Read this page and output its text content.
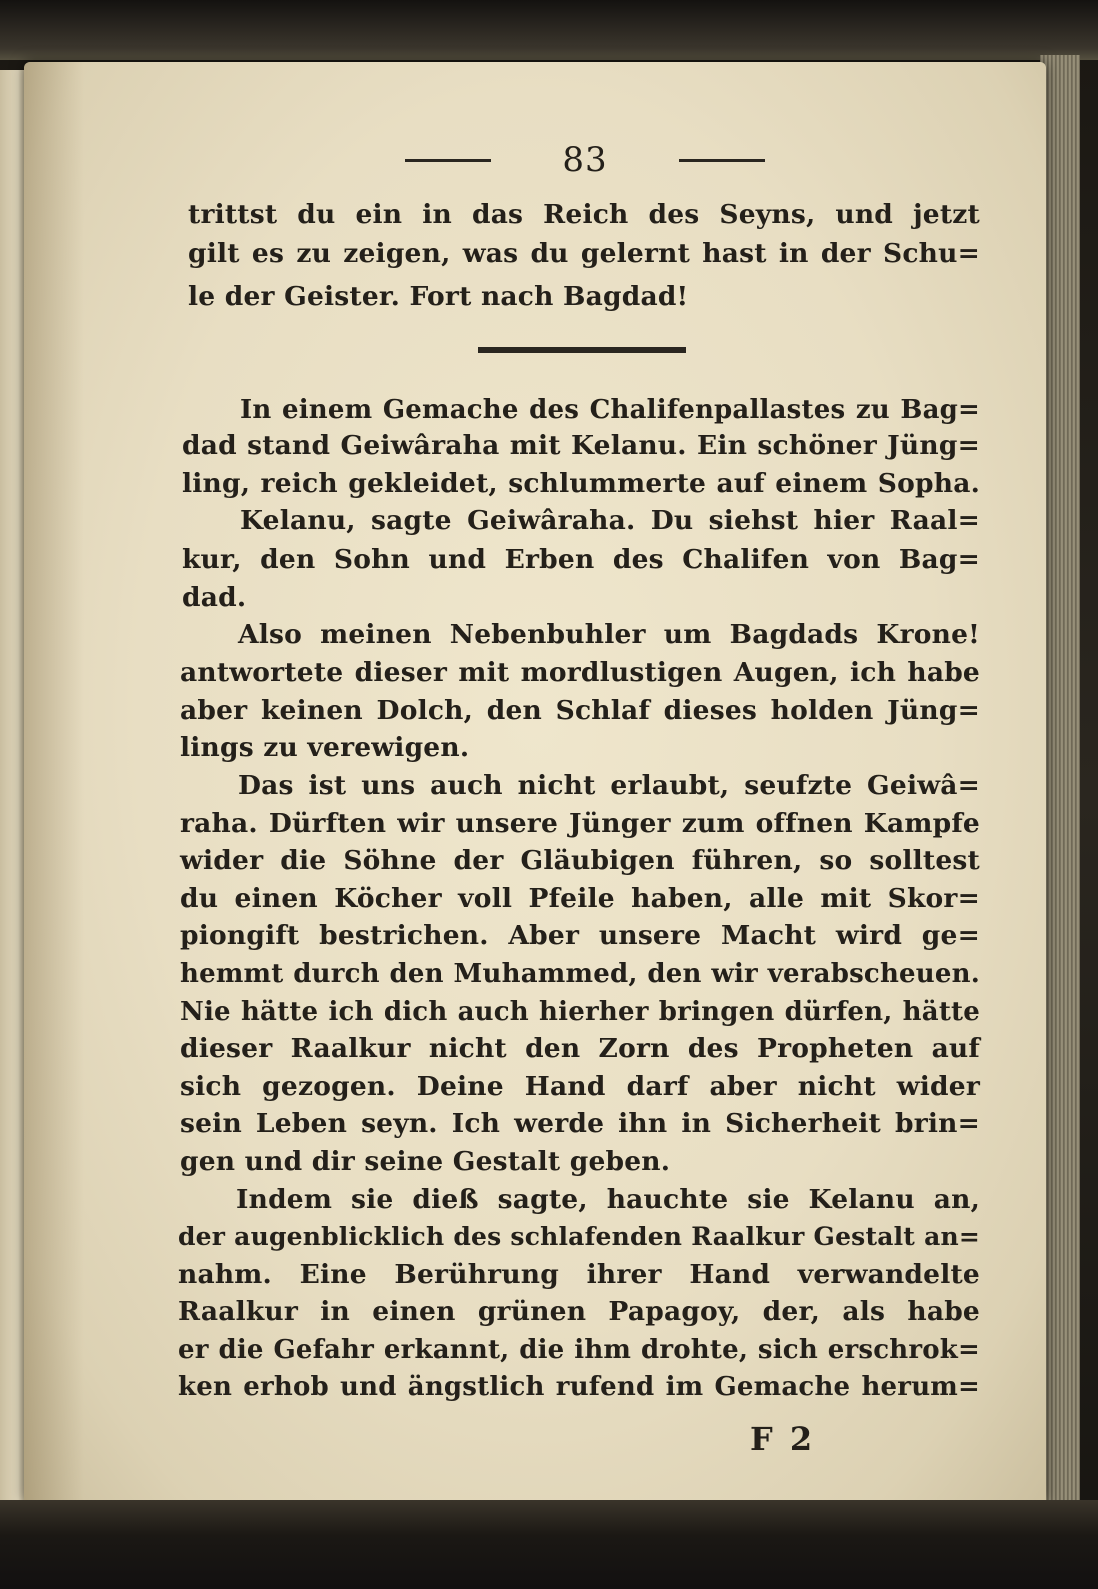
83
trittst du ein in das Reich des Seyns, und jetzt
gilt es zu zeigen, was du gelernt hast in der Schu=
le der Geister. Fort nach Bagdad!
In einem Gemache des Chalifenpallastes zu Bag=
dad stand Geiwâraha mit Kelanu. Ein schöner Jüng=
ling, reich gekleidet, schlummerte auf einem Sopha.
Kelanu, sagte Geiwâraha. Du siehst hier Raal=
kur, den Sohn und Erben des Chalifen von Bag=
dad.
Also meinen Nebenbuhler um Bagdads Krone!
antwortete dieser mit mordlustigen Augen, ich habe
aber keinen Dolch, den Schlaf dieses holden Jüng=
lings zu verewigen.
Das ist uns auch nicht erlaubt, seufzte Geiwâ=
raha. Dürften wir unsere Jünger zum offnen Kampfe
wider die Söhne der Gläubigen führen, so solltest
du einen Köcher voll Pfeile haben, alle mit Skor=
piongift bestrichen. Aber unsere Macht wird ge=
hemmt durch den Muhammed, den wir verabscheuen.
Nie hätte ich dich auch hierher bringen dürfen, hätte
dieser Raalkur nicht den Zorn des Propheten auf
sich gezogen. Deine Hand darf aber nicht wider
sein Leben seyn. Ich werde ihn in Sicherheit brin=
gen und dir seine Gestalt geben.
Indem sie dieß sagte, hauchte sie Kelanu an,
der augenblicklich des schlafenden Raalkur Gestalt an=
nahm. Eine Berührung ihrer Hand verwandelte
Raalkur in einen grünen Papagoy, der, als habe
er die Gefahr erkannt, die ihm drohte, sich erschrok=
ken erhob und ängstlich rufend im Gemache herum=
F 2
